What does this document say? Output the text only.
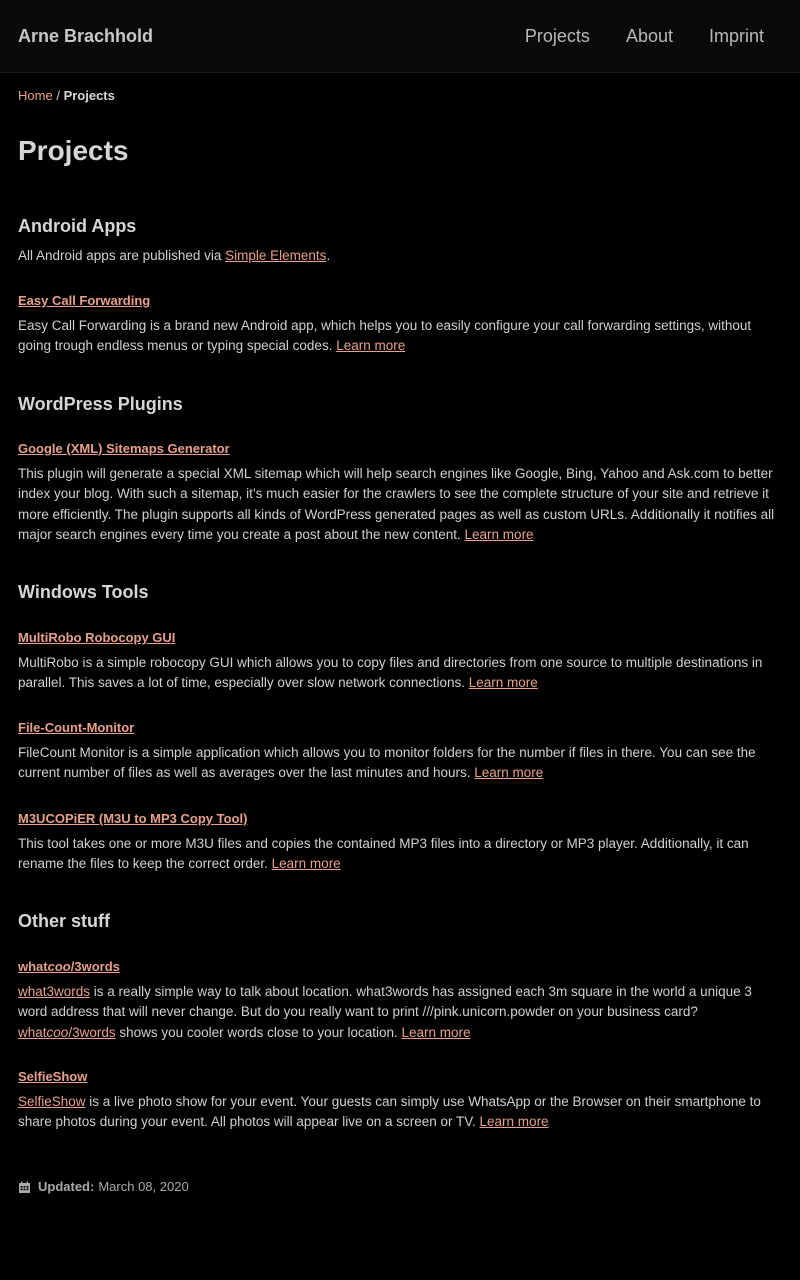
Arne Brachhold	Projects About Imprint
Home / Projects
Projects
Android Apps

All Android apps are published via Simple Elements.

Easy Call Forwarding

Easy Call Forwarding is a brand new Android app, which helps you to easily configure your call forwarding settings, without going trough endless menus or typing special codes. Learn more

WordPress Plugins
Google (XML) Sitemaps Generator

This plugin will generate a special XML sitemap which will help search engines like Google, Bing, Yahoo and Ask.com to better index your blog. With such a sitemap, it’s much easier for the crawlers to see the complete structure of your site and retrieve it more efficiently. The plugin supports all kinds of WordPress generated pages as well as custom URLs. Additionally it notifies all major search engines every time you create a post about the new content. Learn more

Windows Tools
MultiRobo Robocopy GUI

MultiRobo is a simple robocopy GUI which allows you to copy files and directories from one source to multiple destinations in parallel. This saves a lot of time, especially over slow network connections. Learn more

File-Count-Monitor

FileCount Monitor is a simple application which allows you to monitor folders for the number if files in there. You can see the current number of files as well as averages over the last minutes and hours. Learn more

M3UCOPiER (M3U to MP3 Copy Tool)

This tool takes one or more M3U files and copies the contained MP3 files into a directory or MP3 player. Additionally, it can rename the files to keep the correct order. Learn more

Other stuff
whatcoo/3words

what3words is a really simple way to talk about location. what3words has assigned each 3m square in the world a unique 3 word address that will never change. But do you really want to print ///pink.unicorn.powder on your business card? whatcoo/3words shows you cooler words close to your location. Learn more

SelfieShow

SelfieShow is a live photo show for your event. Your guests can simply use WhatsApp or the Browser on their smartphone to share photos during your event. All photos will appear live on a screen or TV. Learn more

Updated: March 08, 2020
